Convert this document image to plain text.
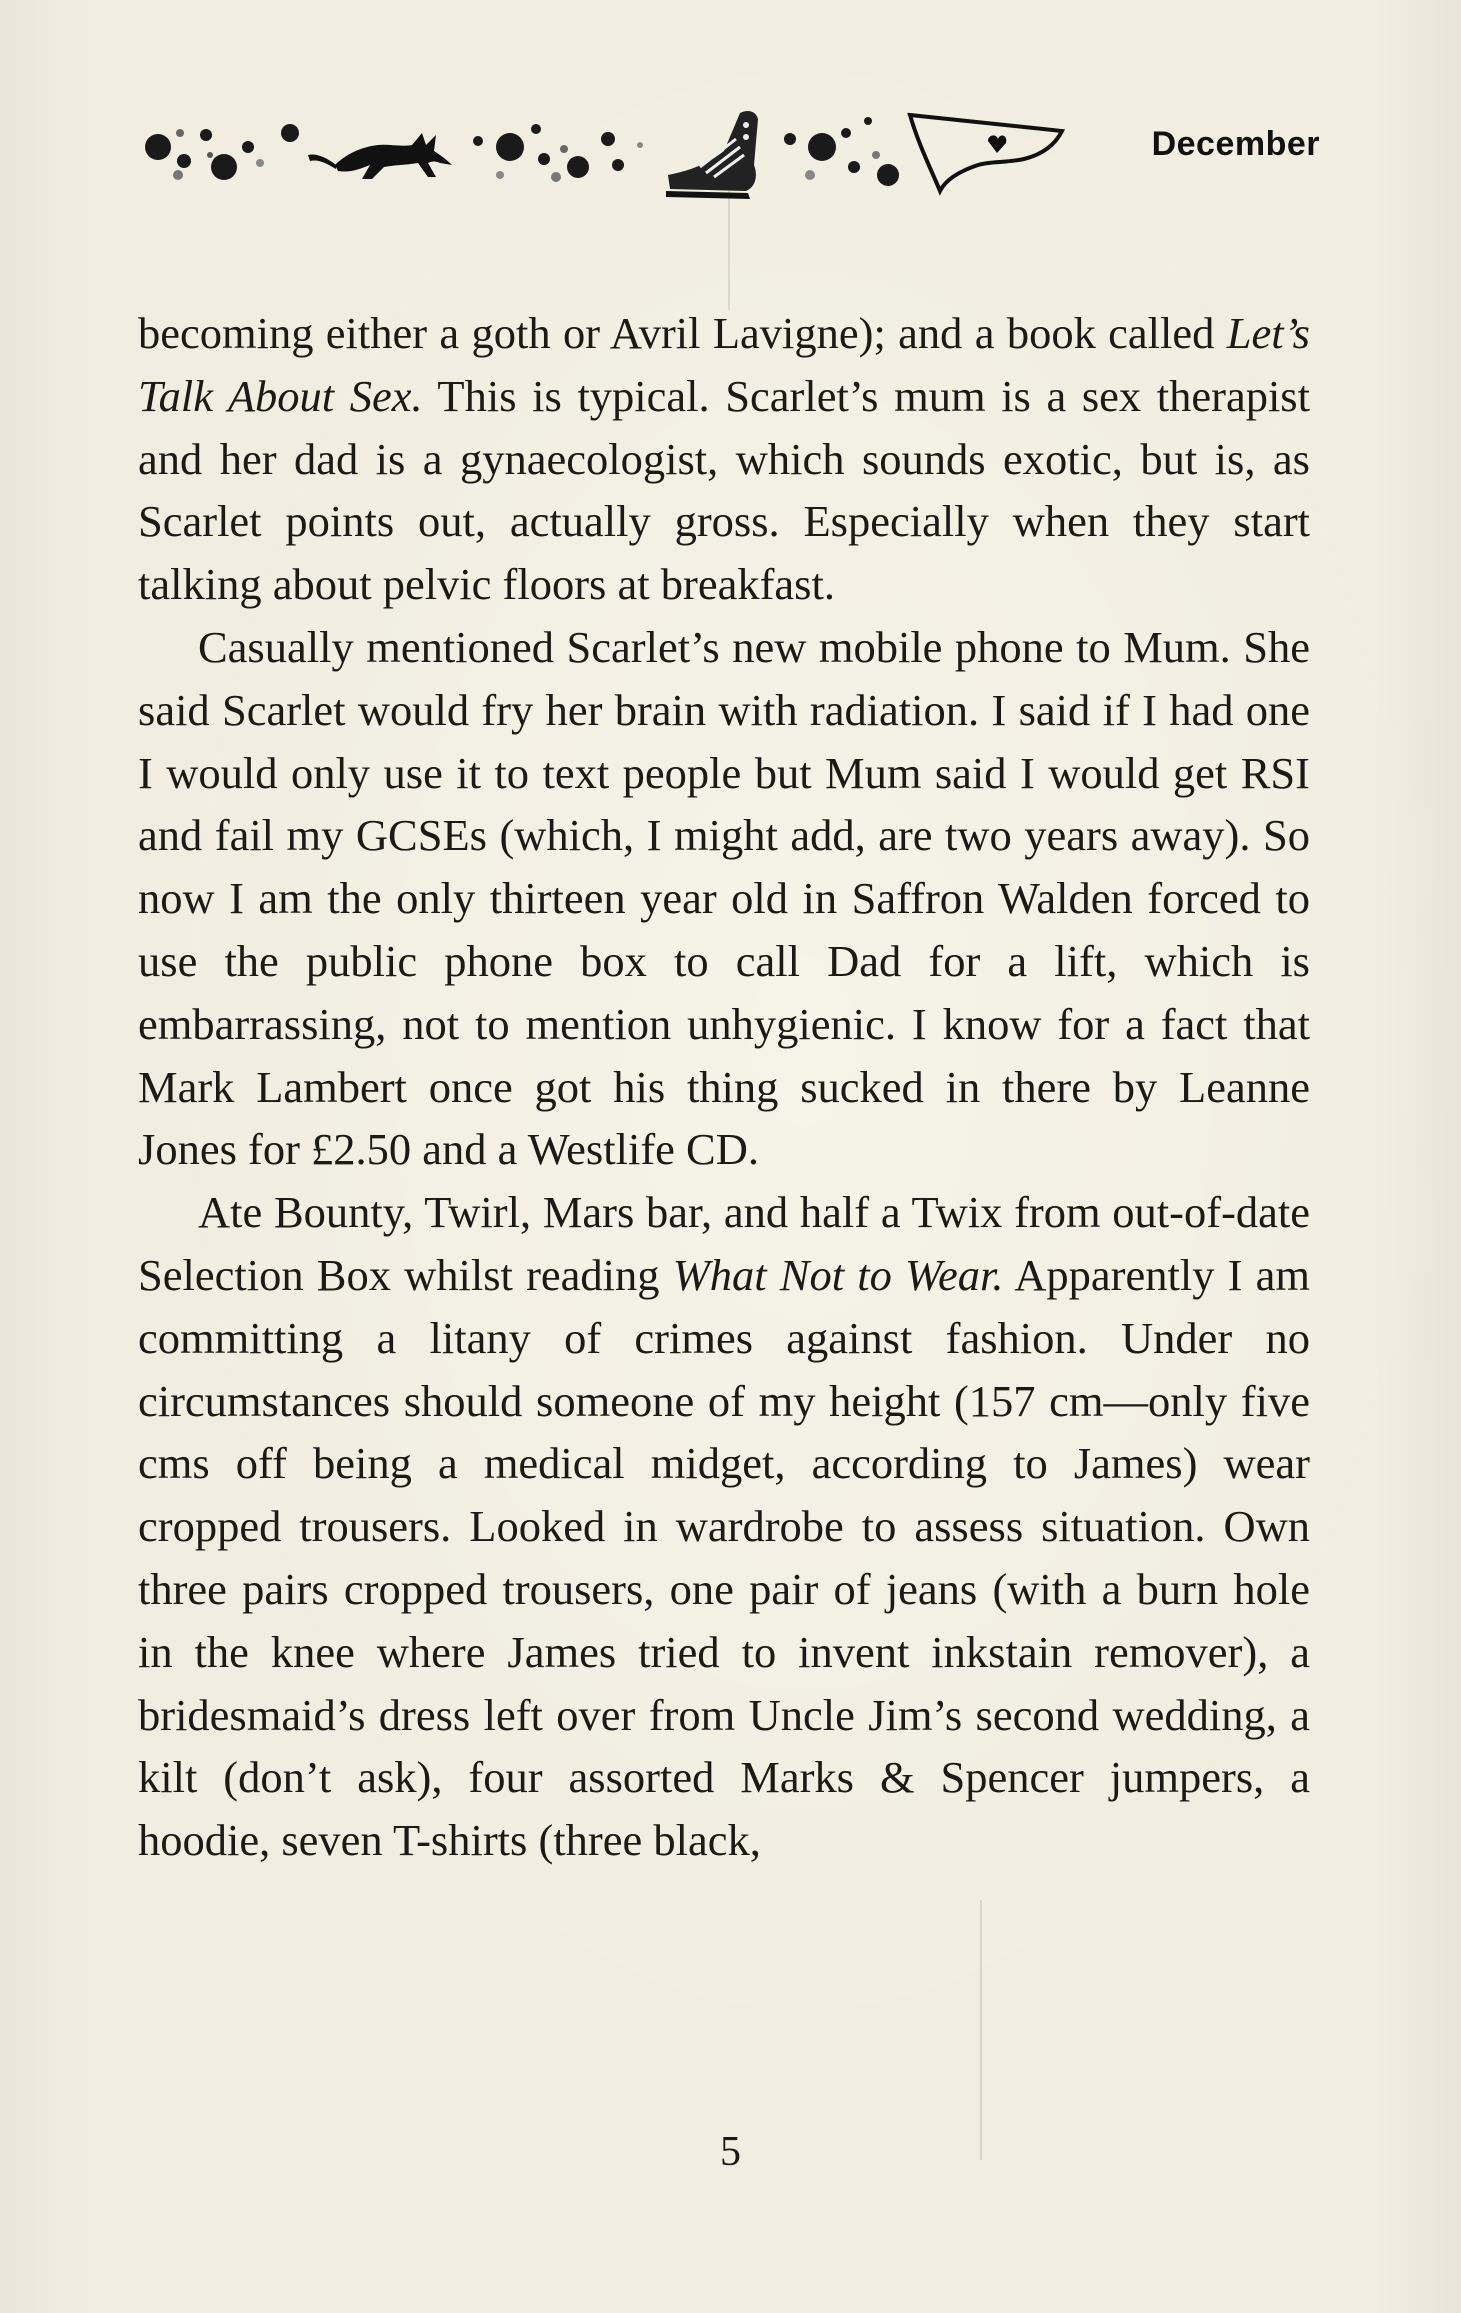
December

becoming either a goth or Avril Lavigne); and a book called Let’s Talk About Sex. This is typical. Scarlet’s mum is a sex therapist and her dad is a gynaecologist, which sounds exotic, but is, as Scarlet points out, actually gross. Especially when they start talking about pelvic floors at breakfast.

Casually mentioned Scarlet’s new mobile phone to Mum. She said Scarlet would fry her brain with radiation. I said if I had one I would only use it to text people but Mum said I would get RSI and fail my GCSEs (which, I might add, are two years away). So now I am the only thirteen year old in Saffron Walden forced to use the public phone box to call Dad for a lift, which is embarrassing, not to mention unhygienic. I know for a fact that Mark Lambert once got his thing sucked in there by Leanne Jones for £2.50 and a Westlife CD.

Ate Bounty, Twirl, Mars bar, and half a Twix from out-of-date Selection Box whilst reading What Not to Wear. Apparently I am committing a litany of crimes against fashion. Under no circumstances should someone of my height (157 cm—only five cms off being a medical midget, according to James) wear cropped trousers. Looked in wardrobe to assess situation. Own three pairs cropped trousers, one pair of jeans (with a burn hole in the knee where James tried to invent inkstain remover), a bridesmaid’s dress left over from Uncle Jim’s second wedding, a kilt (don’t ask), four assorted Marks & Spencer jumpers, a hoodie, seven T-shirts (three black,

5
